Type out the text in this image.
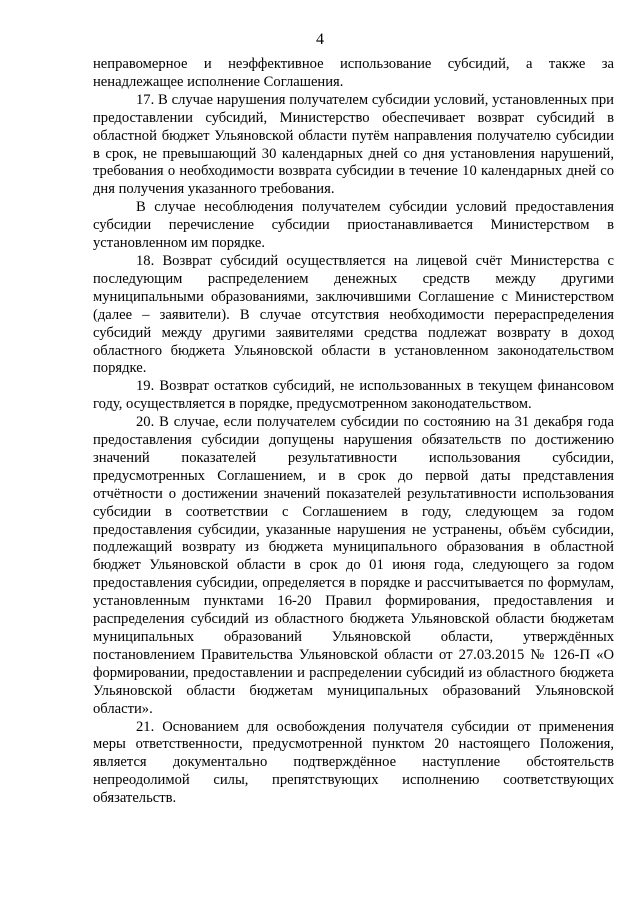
4

неправомерное и неэффективное использование субсидий, а также за ненадлежащее исполнение Соглашения.

17. В случае нарушения получателем субсидии условий, установленных при предоставлении субсидий, Министерство обеспечивает возврат субсидий в областной бюджет Ульяновской области путём направления получателю субсидии в срок, не превышающий 30 календарных дней со дня установления нарушений, требования о необходимости возврата субсидии в течение 10 календарных дней со дня получения указанного требования.

В случае несоблюдения получателем субсидии условий предоставления субсидии перечисление субсидии приостанавливается Министерством в установленном им порядке.

18. Возврат субсидий осуществляется на лицевой счёт Министерства с последующим распределением денежных средств между другими муниципальными образованиями, заключившими Соглашение с Министерством (далее – заявители). В случае отсутствия необходимости перераспределения субсидий между другими заявителями средства подлежат возврату в доход областного бюджета Ульяновской области в установленном законодательством порядке.

19. Возврат остатков субсидий, не использованных в текущем финансовом году, осуществляется в порядке, предусмотренном законодательством.

20. В случае, если получателем субсидии по состоянию на 31 декабря года предоставления субсидии допущены нарушения обязательств по достижению значений показателей результативности использования субсидии, предусмотренных Соглашением, и в срок до первой даты представления отчётности о достижении значений показателей результативности использования субсидии в соответствии с Соглашением в году, следующем за годом предоставления субсидии, указанные нарушения не устранены, объём субсидии, подлежащий возврату из бюджета муниципального образования в областной бюджет Ульяновской области в срок до 01 июня года, следующего за годом предоставления субсидии, определяется в порядке и рассчитывается по формулам, установленным пунктами 16-20 Правил формирования, предоставления и распределения субсидий из областного бюджета Ульяновской области бюджетам муниципальных образований Ульяновской области, утверждённых постановлением Правительства Ульяновской области от 27.03.2015 № 126-П «О формировании, предоставлении и распределении субсидий из областного бюджета Ульяновской области бюджетам муниципальных образований Ульяновской области».

21. Основанием для освобождения получателя субсидии от применения меры ответственности, предусмотренной пунктом 20 настоящего Положения, является документально подтверждённое наступление обстоятельств непреодолимой силы, препятствующих исполнению соответствующих обязательств.
